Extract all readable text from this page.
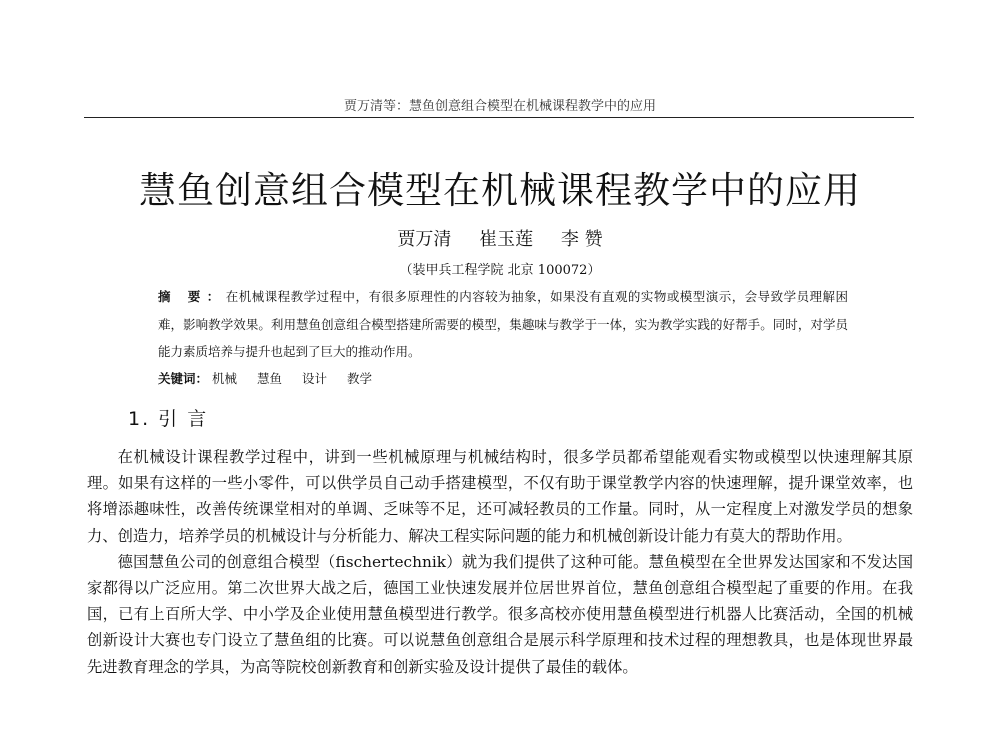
贾万清等：慧鱼创意组合模型在机械课程教学中的应用
慧鱼创意组合模型在机械课程教学中的应用
贾万清 崔玉莲 李 赞
（装甲兵工程学院 北京 100072）
摘 要：在机械课程教学过程中，有很多原理性的内容较为抽象，如果没有直观的实物或模型演示，会导致学员理解困难，影响教学效果。利用慧鱼创意组合模型搭建所需要的模型，集趣味与教学于一体，实为教学实践的好帮手。同时，对学员能力素质培养与提升也起到了巨大的推动作用。
关键词： 机械 慧鱼 设计 教学
1. 引 言

在机械设计课程教学过程中，讲到一些机械原理与机械结构时，很多学员都希望能观看实物或模型以快速理解其原理。如果有这样的一些小零件，可以供学员自己动手搭建模型，不仅有助于课堂教学内容的快速理解，提升课堂效率，也将增添趣味性，改善传统课堂相对的单调、乏味等不足，还可减轻教员的工作量。同时，从一定程度上对激发学员的想象力、创造力，培养学员的机械设计与分析能力、解决工程实际问题的能力和机械创新设计能力有莫大的帮助作用。

德国慧鱼公司的创意组合模型（fischertechnik）就为我们提供了这种可能。慧鱼模型在全世界发达国家和不发达国家都得以广泛应用。第二次世界大战之后，德国工业快速发展并位居世界首位，慧鱼创意组合模型起了重要的作用。在我国，已有上百所大学、中小学及企业使用慧鱼模型进行教学。很多高校亦使用慧鱼模型进行机器人比赛活动，全国的机械创新设计大赛也专门设立了慧鱼组的比赛。可以说慧鱼创意组合是展示科学原理和技术过程的理想教具，也是体现世界最先进教育理念的学具，为高等院校创新教育和创新实验及设计提供了最佳的载体。
